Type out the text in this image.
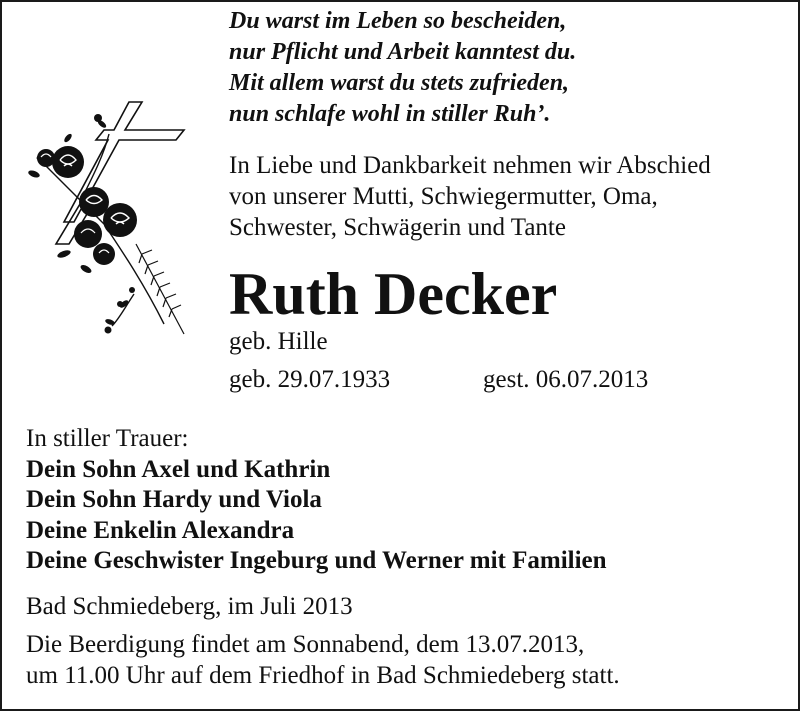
Du warst im Leben so bescheiden,
nur Pflicht und Arbeit kanntest du.
Mit allem warst du stets zufrieden,
nun schlafe wohl in stiller Ruh’.
In Liebe und Dankbarkeit nehmen wir Abschied
von unserer Mutti, Schwiegermutter, Oma,
Schwester, Schwägerin und Tante
Ruth Decker
geb. Hille
geb. 29.07.1933	gest. 06.07.2013
In stiller Trauer:
Dein Sohn Axel und Kathrin
Dein Sohn Hardy und Viola
Deine Enkelin Alexandra
Deine Geschwister Ingeburg und Werner mit Familien
Bad Schmiedeberg, im Juli 2013
Die Beerdigung findet am Sonnabend, dem 13.07.2013,
um 11.00 Uhr auf dem Friedhof in Bad Schmiedeberg statt.
